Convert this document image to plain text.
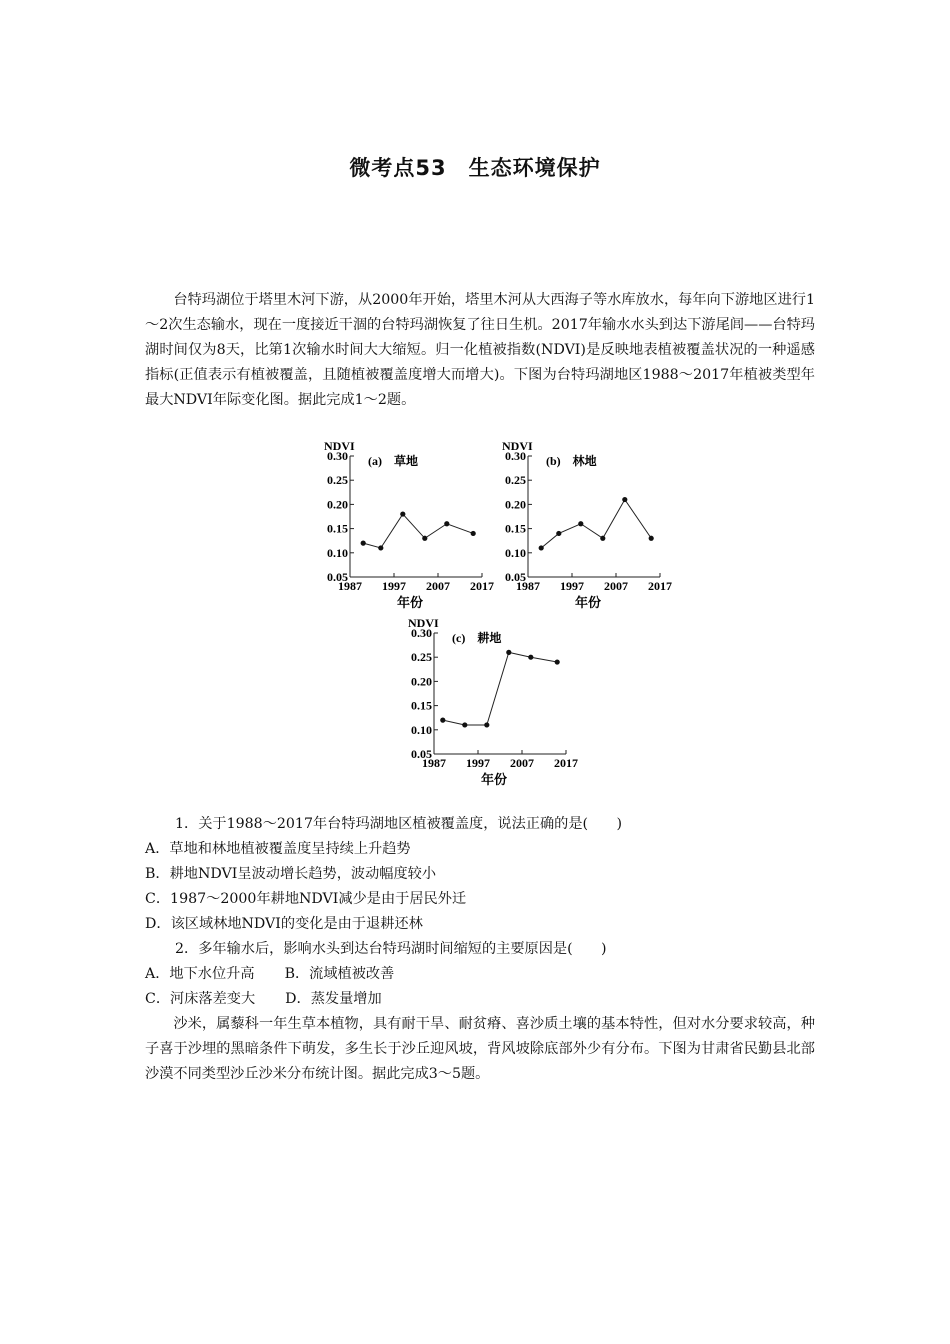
微考点53　生态环境保护

台特玛湖位于塔里木河下游，从2000年开始，塔里木河从大西海子等水库放水，每年向下游地区进行1～2次生态输水，现在一度接近干涸的台特玛湖恢复了往日生机。2017年输水水头到达下游尾闾——台特玛湖时间仅为8天，比第1次输水时间大大缩短。归一化植被指数(NDVI)是反映地表植被覆盖状况的一种遥感指标(正值表示有植被覆盖，且随植被覆盖度增大而增大)。下图为台特玛湖地区1988～2017年植被类型年最大NDVI年际变化图。据此完成1～2题。

0.30
0.25
0.20
0.15
0.10
0.05
1987 1997 2007 2017
NDVI
年份
(a)　草地	0.30
0.25
0.20
0.15
0.10
0.05
1987 1997 2007 2017
NDVI
年份
(b)　林地
0.30
0.25
0.20
0.15
0.10
0.05
1987 1997 2007 2017
NDVI
年份
(c)　耕地
1．关于1988～2017年台特玛湖地区植被覆盖度，说法正确的是(　　)
A．草地和林地植被覆盖度呈持续上升趋势
B．耕地NDVI呈波动增长趋势，波动幅度较小
C．1987～2000年耕地NDVI减少是由于居民外迁
D．该区域林地NDVI的变化是由于退耕还林
2．多年输水后，影响水头到达台特玛湖时间缩短的主要原因是(　　)
A．地下水位升高 B．流域植被改善
C．河床落差变大 D．蒸发量增加

沙米，属藜科一年生草本植物，具有耐干旱、耐贫瘠、喜沙质土壤的基本特性，但对水分要求较高，种子喜于沙埋的黑暗条件下萌发，多生长于沙丘迎风坡，背风坡除底部外少有分布。下图为甘肃省民勤县北部沙漠不同类型沙丘沙米分布统计图。据此完成3～5题。
